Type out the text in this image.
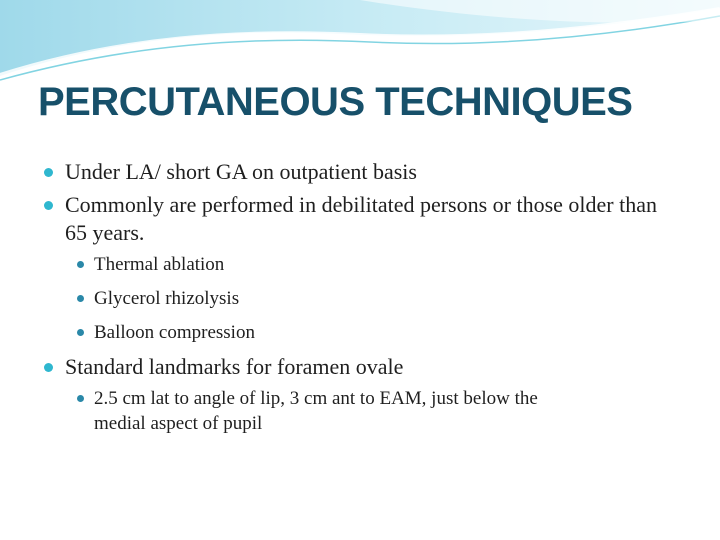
PERCUTANEOUS TECHNIQUES
Under LA/ short GA on outpatient basis
Commonly are performed in debilitated persons or those older than 65 years.
Thermal ablation
Glycerol rhizolysis
Balloon compression
Standard landmarks for foramen ovale
2.5 cm lat to angle of lip, 3 cm ant to EAM, just below the medial aspect of pupil
